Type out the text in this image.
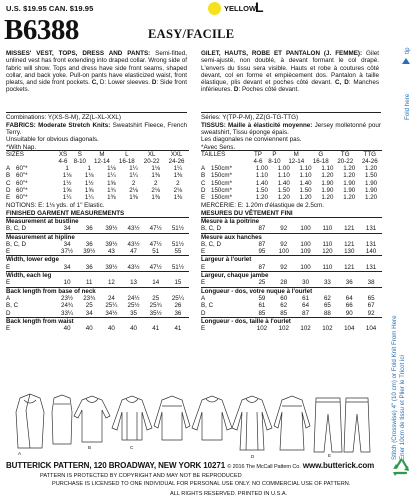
U.S. $19.95 CAN. $19.95	YELLOW
L
B6388	EASY/FACILE
MISSES' VEST, TOPS, DRESS AND PANTS: Semi-fitted, unlined vest has front extending into draped collar. Wrong side of fabric will show. Tops and dress have side front seams, shaped collar, and back yoke. Pull-on pants have elasticized waist, front pleats, and side front pockets. C, D: Lower sleeves. D: Side front pockets.
GILET, HAUTS, ROBE ET PANTALON (J. FEMME): Gilet semi-ajusté, non doublé, à devant formant le col drapé. L'envers du tissu sera visible. Hauts et robe à coutures côté devant, col en forme et empiècement dos. Pantalon à taille élastique, plis devant et poches côté devant. C, D: Manches inférieures. D: Poches côté devant.
Combinations: Y(XS-S-M), ZZ(L-XL-XXL)
FABRICS: Moderate Stretch Knits: Sweatshirt Fleece, French Terry.
Unsuitable for obvious diagonals.
*With Nap.
SIZES	XS	S	M	L	XL	XXL
	4-6	8-10	12-14	16-18	20-22	24-26
A	60"*	1	1	1⅛	1¼	1⅛	1¼
B	60"*	1⅛	1⅛	1¼	1¼	1⅜	1⅜
C	60"*	1½	1½	1⅝	2	2	2
D	60"*	1⅝	1⅝	1¾	2⅛	2⅛	2⅛
E	60"*	1¼	1¼	1⅜	1⅜	1⅜	1⅜
NOTIONS: E: 1⅛ yds. of 1" Elastic.
FINISHED GARMENT MEASUREMENTS
Measurement at bustline						
B, C, D	34	36	39½	43½	47½	51½
Measurement at hipline						
B, C, D	34	36	39½	43½	47½	51½
E	37½	39½	43	47	51	55
Width, lower edge						
E	34	36	39½	43½	47½	51½
Width, each leg						
E	10	11	12	13	14	15
Back length from base of neck						
A	23½	23¾	24	24½	25	25¼
B, C	24¾	25	25¼	25½	25¾	26
D	33¼	34	34½	35	35½	36
Back length from waist						
E	40	40	40	40	41	41
Séries: Y(TP-P-M), ZZ(G-TG-TTG)
TISSUS: Maille à élasticité moyenne: Jersey molletonné pour sweatshirt, Tissu éponge épais.
Les diagonales ne conviennent pas.
*Avec Sens.
TAILLES	TP	P	M	G	TG	TTG
	4-6	8-10	12-14	16-18	20-22	24-26
A	150cm*	1.00	1.00	1.10	1.10	1.20	1.20
B	150cm*	1.10	1.10	1.10	1.20	1.20	1.50
C	150cm*	1.40	1.40	1.40	1.90	1.90	1.90
D	150cm*	1.50	1.50	1.50	1.90	1.90	1.90
E	150cm*	1.20	1.20	1.20	1.20	1.20	1.20
MERCERIE: E: 1.20m d'élastique de 2.5cm.
MESURES DU VÊTEMENT FINI
Mesure à la poitrine						
B, C, D	87	92	100	110	121	131
Mesure aux hanches						
B, C, D	87	92	100	110	121	131
E	95	100	109	120	130	140
Largeur à l'ourlet						
E	87	92	100	110	121	131
Largeur, chaque jambe						
E	25	28	30	33	36	38
Longueur - dos, votre nuque à l'ourlet						
A	59	60	61	62	64	65
B, C	61	62	64	65	66	67
D	85	85	87	88	90	92
Longueur - dos, taille à l'ourlet						
E	102	102	102	102	104	104
A
B	C
D	E
BUTTERICK PATTERN, 120 BROADWAY, NEW YORK 10271 © 2016 The McCall Pattern Co. www.butterick.com
PATTERN IS PROTECTED BY COPYRIGHT AND MAY NOT BE REPRODUCED
PURCHASE IS LICENSED TO ONE INDIVIDUAL FOR PERSONAL USE ONLY. NO COMMERCIAL USE OF PATTERN.
ALL RIGHTS RESERVED. PRINTED IN U.S.A.
tip
Fold here
Stitch (Crosswise) 4" (10 cm) or Fold Knit From Here Ener 10cm de tissu et Plier le Tricot ici
